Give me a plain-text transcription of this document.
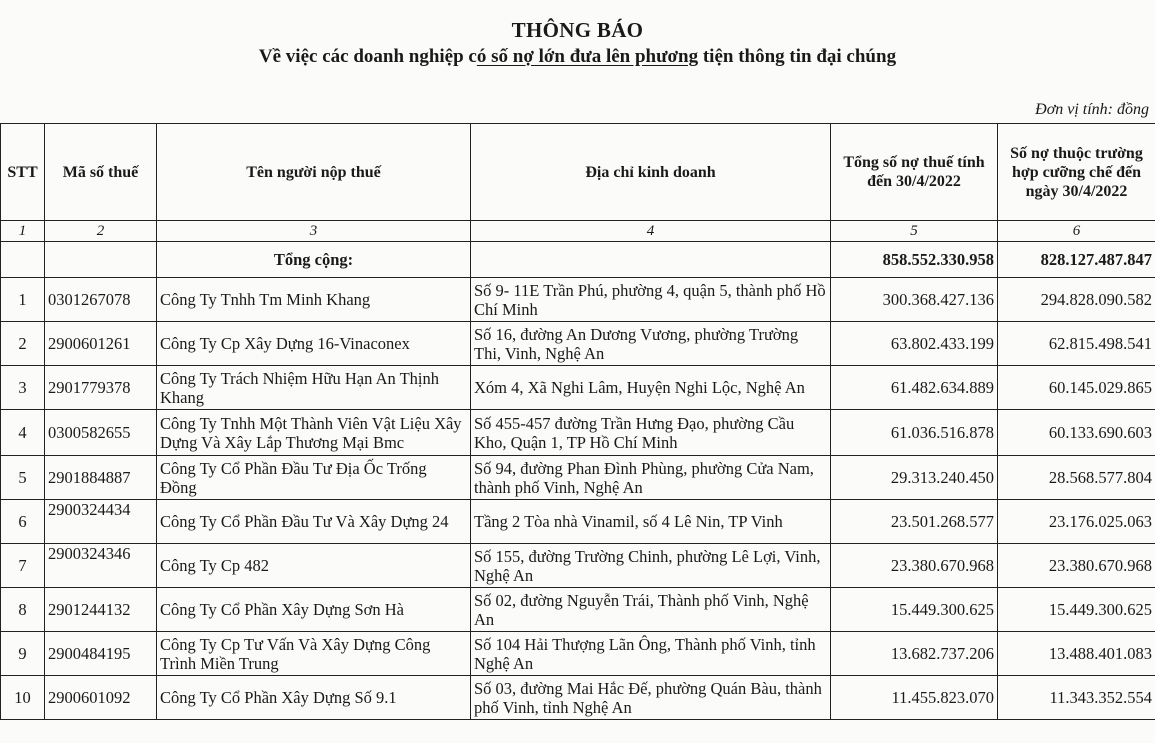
THÔNG BÁO
Về việc các doanh nghiệp có số nợ lớn đưa lên phương tiện thông tin đại chúng
Đơn vị tính: đồng
STT	Mã số thuế	Tên người nộp thuế	Địa chỉ kinh doanh	Tổng số nợ thuế tính đến 30/4/2022	Số nợ thuộc trường hợp cưỡng chế đến ngày 30/4/2022
1	2	3	4	5	6
		Tổng cộng:		858.552.330.958	828.127.487.847
1	0301267078	Công Ty Tnhh Tm Minh Khang	Số 9- 11E Trần Phú, phường 4, quận 5, thành phố Hồ Chí Minh	300.368.427.136	294.828.090.582
2	2900601261	Công Ty Cp Xây Dựng 16-Vinaconex	Số 16, đường An Dương Vương, phường Trường Thi, Vinh, Nghệ An	63.802.433.199	62.815.498.541
3	2901779378	Công Ty Trách Nhiệm Hữu Hạn An Thịnh Khang	Xóm 4, Xã Nghi Lâm, Huyện Nghi Lộc, Nghệ An	61.482.634.889	60.145.029.865
4	0300582655	Công Ty Tnhh Một Thành Viên Vật Liệu Xây Dựng Và Xây Lắp Thương Mại Bmc	Số 455-457 đường Trần Hưng Đạo, phường Cầu Kho, Quận 1, TP Hồ Chí Minh	61.036.516.878	60.133.690.603
5	2901884887	Công Ty Cổ Phần Đầu Tư Địa Ốc Trống Đồng	Số 94, đường Phan Đình Phùng, phường Cửa Nam, thành phố Vinh, Nghệ An	29.313.240.450	28.568.577.804
6	2900324434	Công Ty Cổ Phần Đầu Tư Và Xây Dựng 24	Tầng 2 Tòa nhà Vinamil, số 4 Lê Nin, TP Vinh	23.501.268.577	23.176.025.063
7	2900324346	Công Ty Cp 482	Số 155, đường Trường Chinh, phường Lê Lợi, Vinh, Nghệ An	23.380.670.968	23.380.670.968
8	2901244132	Công Ty Cổ Phần Xây Dựng Sơn Hà	Số 02, đường Nguyễn Trái, Thành phố Vinh, Nghệ An	15.449.300.625	15.449.300.625
9	2900484195	Công Ty Cp Tư Vấn Và Xây Dựng Công Trình Miền Trung	Số 104 Hải Thượng Lãn Ông, Thành phố Vinh, tỉnh Nghệ An	13.682.737.206	13.488.401.083
10	2900601092	Công Ty Cổ Phần Xây Dựng Số 9.1	Số 03, đường Mai Hắc Đế, phường Quán Bàu, thành phố Vinh, tỉnh Nghệ An	11.455.823.070	11.343.352.554
